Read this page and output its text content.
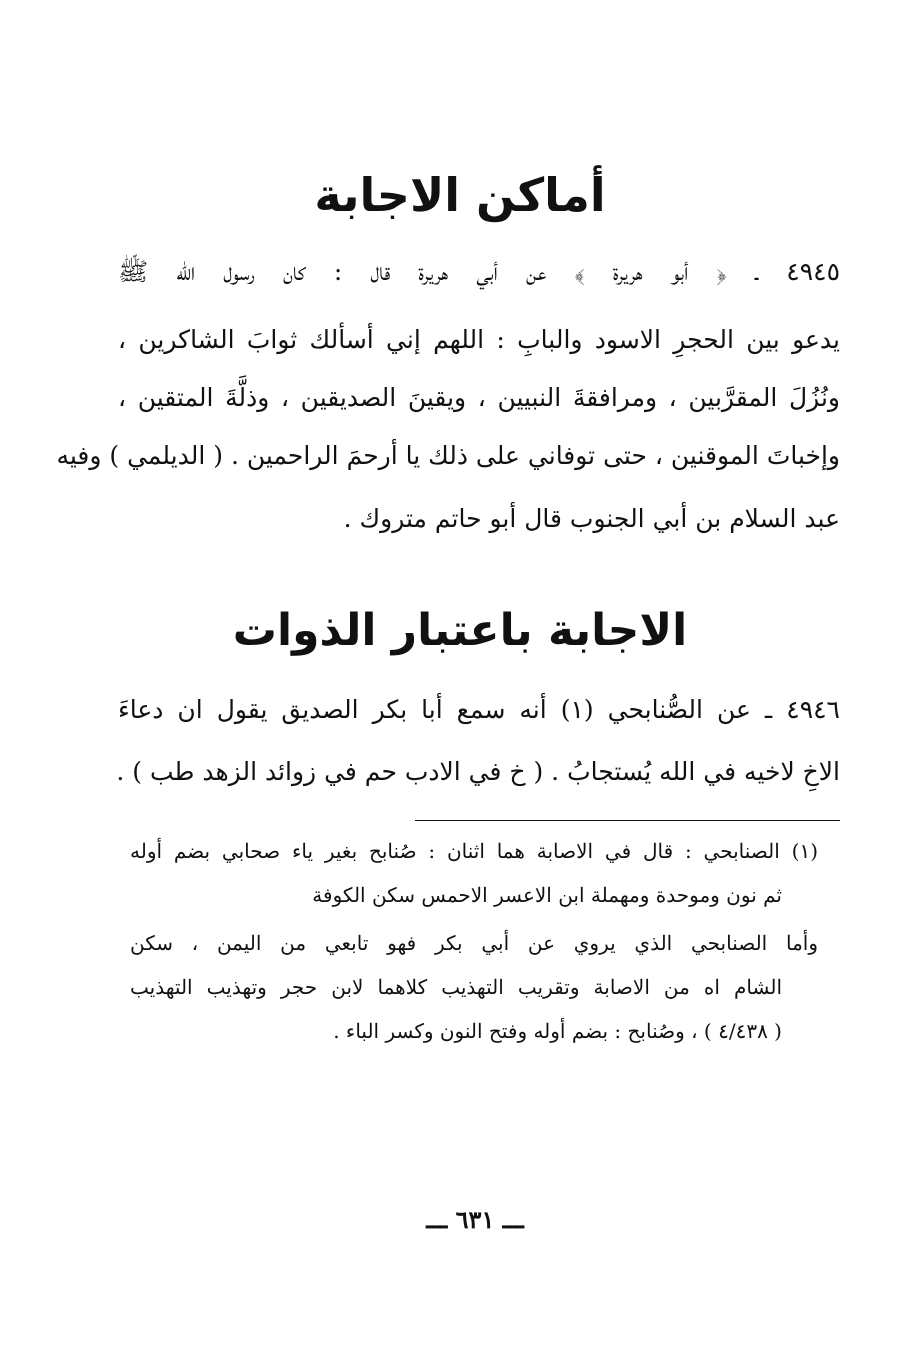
أماكن الاجابة
٤٩٤٥ ـ ﴿ أبو هريرة ﴾ عن أبي هريرة قال : كان رسول الله ﷺ
يدعو بين الحجرِ الاسود والبابِ : اللهم إني أسألك ثوابَ الشاكرين ،
ونُزُلَ المقرَّبين ، ومرافقةَ النبيين ، ويقينَ الصديقين ، وذلَّةَ المتقين ،
وإخباتَ الموقنين ، حتى توفاني على ذلك يا أرحمَ الراحمين . ( الديلمي ) وفيه
عبد السلام بن أبي الجنوب قال أبو حاتم متروك .
الاجابة باعتبار الذوات
٤٩٤٦ ـ عن الصُّنابحي (١) أنه سمع أبا بكر الصديق يقول ان دعاءَ
الاخِ لاخيه في الله يُستجابُ . ( خ في الادب حم في زوائد الزهد طب ) .
(١) الصنابحي : قال في الاصابة هما اثنان : صُنابح بغير ياء صحابي بضم أوله
ثم نون وموحدة ومهملة ابن الاعسر الاحمس سكن الكوفة
وأما الصنابحي الذي يروي عن أبي بكر فهو تابعي من اليمن ، سكن
الشام اه من الاصابة وتقريب التهذيب كلاهما لابن حجر وتهذيب التهذيب
( ٤/٤٣٨ ) ، وصُنابح : بضم أوله وفتح النون وكسر الباء .
ـــ ٦٣١ ـــ
